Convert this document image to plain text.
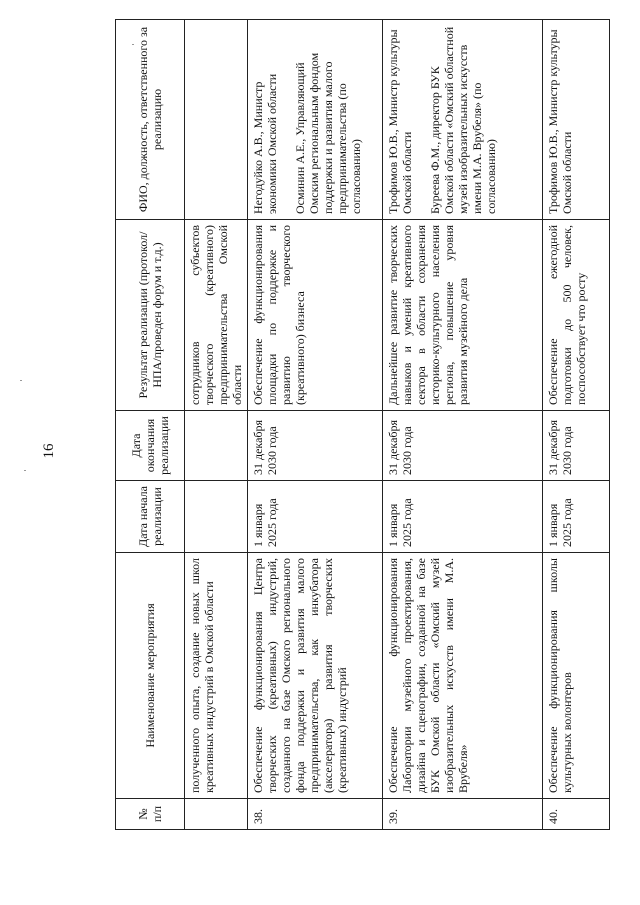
16
№ п/п	Наименование мероприятия	Дата начала реализации	Дата окончания реализации	Результат реализации (протокол/НПА/проведен форум и т.д.)	ФИО, должность, ответственного за реализацию
	полученного опыта, создание новых школ креативных индустрий в Омской области			сотрудников субъектов творческого (креативного) предпринимательства Омской области	
38.	Обеспечение функционирования Центра творческих (креативных) индустрий, созданного на базе Омского регионального фонда поддержки и развития малого предпринимательства, как инкубатора (акселератора) развития творческих (креативных) индустрий	1 января 2025 года	31 декабря 2030 года	Обеспечение функционирования площадки по поддержке и развитию творческого (креативного) бизнеса	Негодуйко А.В., Министр экономики Омской области Осминин А.Е., Управляющий Омским региональным фондом поддержки и развития малого предпринимательства (по согласованию)
39.	Обеспечение функционирования Лаборатории музейного проектирования, дизайна и сценографии, созданной на базе БУК Омской области «Омский музей изобразительных искусств имени М.А. Врубеля»	1 января 2025 года	31 декабря 2030 года	Дальнейшее развитие творческих навыков и умений креативного сектора в области сохранения историко-культурного населения региона, повышение уровня развития музейного дела	Трофимов Ю.В., Министр культуры Омской области Буреева Ф.М., директор БУК Омской области «Омский областной музей изобразительных искусств имени М.А. Врубеля» (по согласованию)
40.	Обеспечение функционирования школы культурных волонтеров	1 января 2025 года	31 декабря 2030 года	Обеспечение ежегодной подготовки до 500 человек, поспособствует что росту	Трофимов Ю.В., Министр культуры Омской области
